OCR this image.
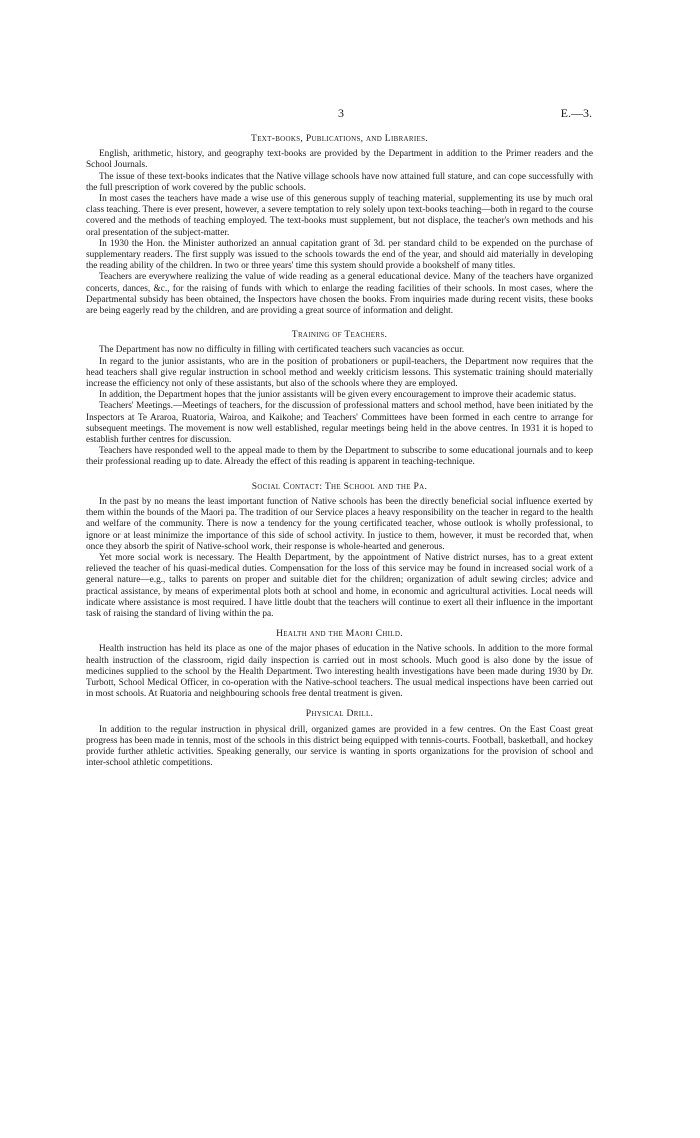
3	E.—3.
Text-books, Publications, and Libraries.

English, arithmetic, history, and geography text-books are provided by the Department in addition to the Primer readers and the School Journals.

The issue of these text-books indicates that the Native village schools have now attained full stature, and can cope successfully with the full prescription of work covered by the public schools.

In most cases the teachers have made a wise use of this generous supply of teaching material, supplementing its use by much oral class teaching. There is ever present, however, a severe temptation to rely solely upon text-books teaching—both in regard to the course covered and the methods of teaching employed. The text-books must supplement, but not displace, the teacher's own methods and his oral presentation of the subject-matter.

In 1930 the Hon. the Minister authorized an annual capitation grant of 3d. per standard child to be expended on the purchase of supplementary readers. The first supply was issued to the schools towards the end of the year, and should aid materially in developing the reading ability of the children. In two or three years' time this system should provide a bookshelf of many titles.

Teachers are everywhere realizing the value of wide reading as a general educational device. Many of the teachers have organized concerts, dances, &c., for the raising of funds with which to enlarge the reading facilities of their schools. In most cases, where the Departmental subsidy has been obtained, the Inspectors have chosen the books. From inquiries made during recent visits, these books are being eagerly read by the children, and are providing a great source of information and delight.

Training of Teachers.

The Department has now no difficulty in filling with certificated teachers such vacancies as occur.

In regard to the junior assistants, who are in the position of probationers or pupil-teachers, the Department now requires that the head teachers shall give regular instruction in school method and weekly criticism lessons. This systematic training should materially increase the efficiency not only of these assistants, but also of the schools where they are employed.

In addition, the Department hopes that the junior assistants will be given every encouragement to improve their academic status.

Teachers' Meetings.—Meetings of teachers, for the discussion of professional matters and school method, have been initiated by the Inspectors at Te Araroa, Ruatoria, Wairoa, and Kaikohe; and Teachers' Committees have been formed in each centre to arrange for subsequent meetings. The movement is now well established, regular meetings being held in the above centres. In 1931 it is hoped to establish further centres for discussion.

Teachers have responded well to the appeal made to them by the Department to subscribe to some educational journals and to keep their professional reading up to date. Already the effect of this reading is apparent in teaching-technique.

Social Contact: The School and the Pa.

In the past by no means the least important function of Native schools has been the directly beneficial social influence exerted by them within the bounds of the Maori pa. The tradition of our Service places a heavy responsibility on the teacher in regard to the health and welfare of the community. There is now a tendency for the young certificated teacher, whose outlook is wholly professional, to ignore or at least minimize the importance of this side of school activity. In justice to them, however, it must be recorded that, when once they absorb the spirit of Native-school work, their response is whole-hearted and generous.

Yet more social work is necessary. The Health Department, by the appointment of Native district nurses, has to a great extent relieved the teacher of his quasi-medical duties. Compensation for the loss of this service may be found in increased social work of a general nature—e.g., talks to parents on proper and suitable diet for the children; organization of adult sewing circles; advice and practical assistance, by means of experimental plots both at school and home, in economic and agricultural activities. Local needs will indicate where assistance is most required. I have little doubt that the teachers will continue to exert all their influence in the important task of raising the standard of living within the pa.

Health and the Maori Child.

Health instruction has held its place as one of the major phases of education in the Native schools. In addition to the more formal health instruction of the classroom, rigid daily inspection is carried out in most schools. Much good is also done by the issue of medicines supplied to the school by the Health Department. Two interesting health investigations have been made during 1930 by Dr. Turbott, School Medical Officer, in co-operation with the Native-school teachers. The usual medical inspections have been carried out in most schools. At Ruatoria and neighbouring schools free dental treatment is given.

Physical Drill.

In addition to the regular instruction in physical drill, organized games are provided in a few centres. On the East Coast great progress has been made in tennis, most of the schools in this district being equipped with tennis-courts. Football, basketball, and hockey provide further athletic activities. Speaking generally, our service is wanting in sports organizations for the provision of school and inter-school athletic competitions.
